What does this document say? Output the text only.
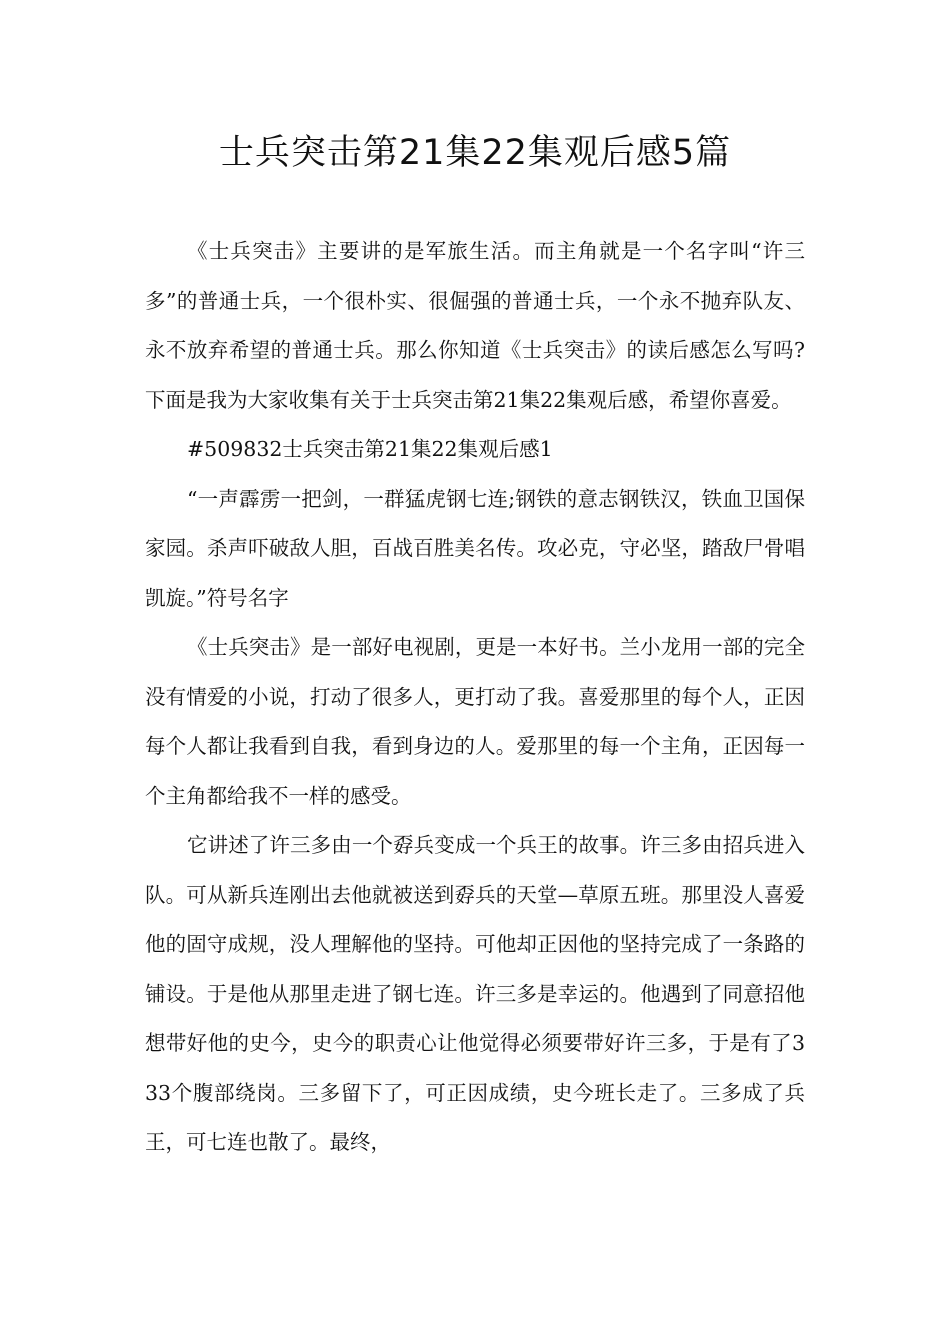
士兵突击第21集22集观后感5篇

《士兵突击》主要讲的是军旅生活。而主角就是一个名字叫“许三多”的普通士兵，一个很朴实、很倔强的普通士兵，一个永不抛弃队友、永不放弃希望的普通士兵。那么你知道《士兵突击》的读后感怎么写吗?下面是我为大家收集有关于士兵突击第21集22集观后感，希望你喜爱。

#509832士兵突击第21集22集观后感1

“一声霹雳一把剑，一群猛虎钢七连;钢铁的意志钢铁汉，铁血卫国保家园。杀声吓破敌人胆，百战百胜美名传。攻必克，守必坚，踏敌尸骨唱凯旋。”符号名字

《士兵突击》是一部好电视剧，更是一本好书。兰小龙用一部的完全没有情爱的小说，打动了很多人，更打动了我。喜爱那里的每个人，正因每个人都让我看到自我，看到身边的人。爱那里的每一个主角，正因每一个主角都给我不一样的感受。

它讲述了许三多由一个孬兵变成一个兵王的故事。许三多由招兵进入队。可从新兵连刚出去他就被送到孬兵的天堂—草原五班。那里没人喜爱他的固守成规，没人理解他的坚持。可他却正因他的坚持完成了一条路的铺设。于是他从那里走进了钢七连。许三多是幸运的。他遇到了同意招他想带好他的史今，史今的职责心让他觉得必须要带好许三多，于是有了333个腹部绕岗。三多留下了，可正因成绩，史今班长走了。三多成了兵王，可七连也散了。最终，
